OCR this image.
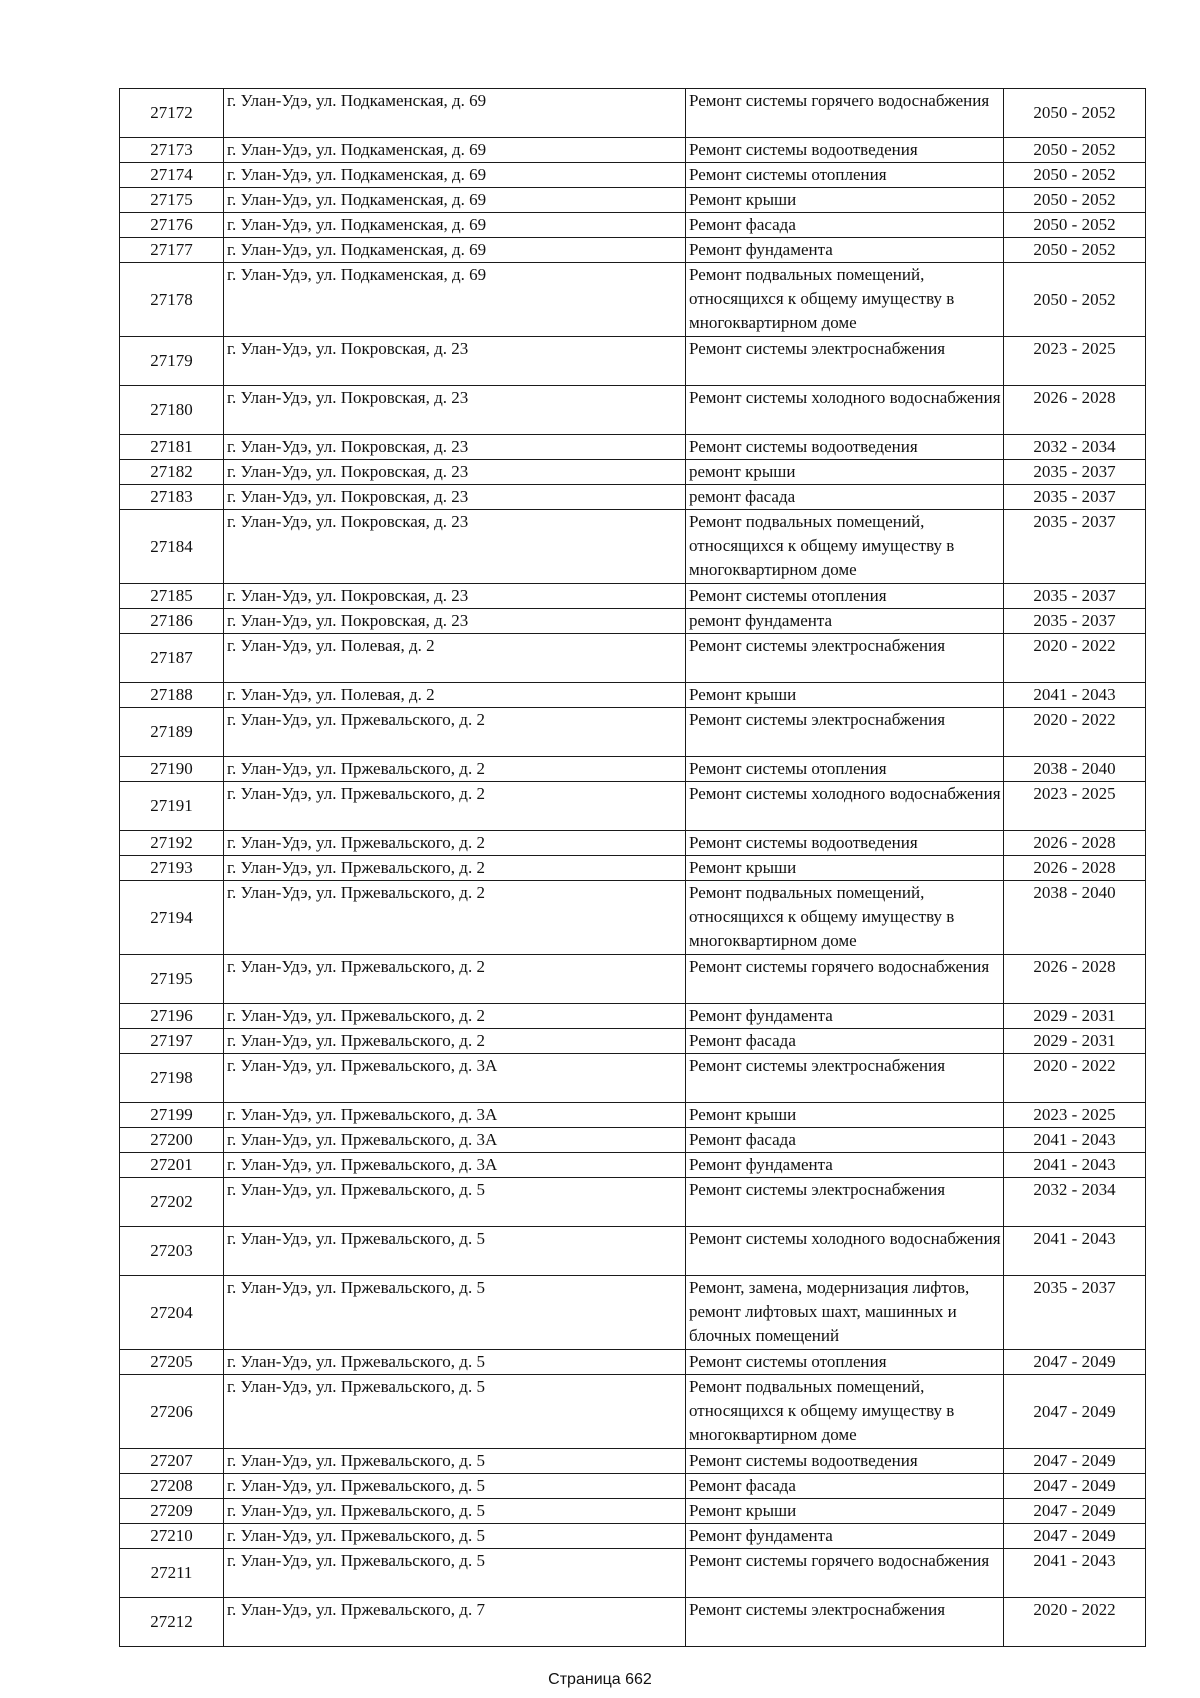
27172	г. Улан-Удэ, ул. Подкаменская, д. 69	Ремонт системы горячего водоснабжения	2050 - 2052
27173	г. Улан-Удэ, ул. Подкаменская, д. 69	Ремонт системы водоотведения	2050 - 2052
27174	г. Улан-Удэ, ул. Подкаменская, д. 69	Ремонт системы отопления	2050 - 2052
27175	г. Улан-Удэ, ул. Подкаменская, д. 69	Ремонт крыши	2050 - 2052
27176	г. Улан-Удэ, ул. Подкаменская, д. 69	Ремонт фасада	2050 - 2052
27177	г. Улан-Удэ, ул. Подкаменская, д. 69	Ремонт фундамента	2050 - 2052
27178	г. Улан-Удэ, ул. Подкаменская, д. 69	Ремонт подвальных помещений, относящихся к общему имуществу в многоквартирном доме	2050 - 2052
27179	г. Улан-Удэ, ул. Покровская, д. 23	Ремонт системы электроснабжения	2023 - 2025
27180	г. Улан-Удэ, ул. Покровская, д. 23	Ремонт системы холодного водоснабжения	2026 - 2028
27181	г. Улан-Удэ, ул. Покровская, д. 23	Ремонт системы водоотведения	2032 - 2034
27182	г. Улан-Удэ, ул. Покровская, д. 23	ремонт крыши	2035 - 2037
27183	г. Улан-Удэ, ул. Покровская, д. 23	ремонт фасада	2035 - 2037
27184	г. Улан-Удэ, ул. Покровская, д. 23	Ремонт подвальных помещений, относящихся к общему имуществу в многоквартирном доме	2035 - 2037
27185	г. Улан-Удэ, ул. Покровская, д. 23	Ремонт системы отопления	2035 - 2037
27186	г. Улан-Удэ, ул. Покровская, д. 23	ремонт фундамента	2035 - 2037
27187	г. Улан-Удэ, ул. Полевая, д. 2	Ремонт системы электроснабжения	2020 - 2022
27188	г. Улан-Удэ, ул. Полевая, д. 2	Ремонт крыши	2041 - 2043
27189	г. Улан-Удэ, ул. Пржевальского, д. 2	Ремонт системы электроснабжения	2020 - 2022
27190	г. Улан-Удэ, ул. Пржевальского, д. 2	Ремонт системы отопления	2038 - 2040
27191	г. Улан-Удэ, ул. Пржевальского, д. 2	Ремонт системы холодного водоснабжения	2023 - 2025
27192	г. Улан-Удэ, ул. Пржевальского, д. 2	Ремонт системы водоотведения	2026 - 2028
27193	г. Улан-Удэ, ул. Пржевальского, д. 2	Ремонт крыши	2026 - 2028
27194	г. Улан-Удэ, ул. Пржевальского, д. 2	Ремонт подвальных помещений, относящихся к общему имуществу в многоквартирном доме	2038 - 2040
27195	г. Улан-Удэ, ул. Пржевальского, д. 2	Ремонт системы горячего водоснабжения	2026 - 2028
27196	г. Улан-Удэ, ул. Пржевальского, д. 2	Ремонт фундамента	2029 - 2031
27197	г. Улан-Удэ, ул. Пржевальского, д. 2	Ремонт фасада	2029 - 2031
27198	г. Улан-Удэ, ул. Пржевальского, д. 3А	Ремонт системы электроснабжения	2020 - 2022
27199	г. Улан-Удэ, ул. Пржевальского, д. 3А	Ремонт крыши	2023 - 2025
27200	г. Улан-Удэ, ул. Пржевальского, д. 3А	Ремонт фасада	2041 - 2043
27201	г. Улан-Удэ, ул. Пржевальского, д. 3А	Ремонт фундамента	2041 - 2043
27202	г. Улан-Удэ, ул. Пржевальского, д. 5	Ремонт системы электроснабжения	2032 - 2034
27203	г. Улан-Удэ, ул. Пржевальского, д. 5	Ремонт системы холодного водоснабжения	2041 - 2043
27204	г. Улан-Удэ, ул. Пржевальского, д. 5	Ремонт, замена, модернизация лифтов, ремонт лифтовых шахт, машинных и блочных помещений	2035 - 2037
27205	г. Улан-Удэ, ул. Пржевальского, д. 5	Ремонт системы отопления	2047 - 2049
27206	г. Улан-Удэ, ул. Пржевальского, д. 5	Ремонт подвальных помещений, относящихся к общему имуществу в многоквартирном доме	2047 - 2049
27207	г. Улан-Удэ, ул. Пржевальского, д. 5	Ремонт системы водоотведения	2047 - 2049
27208	г. Улан-Удэ, ул. Пржевальского, д. 5	Ремонт фасада	2047 - 2049
27209	г. Улан-Удэ, ул. Пржевальского, д. 5	Ремонт крыши	2047 - 2049
27210	г. Улан-Удэ, ул. Пржевальского, д. 5	Ремонт фундамента	2047 - 2049
27211	г. Улан-Удэ, ул. Пржевальского, д. 5	Ремонт системы горячего водоснабжения	2041 - 2043
27212	г. Улан-Удэ, ул. Пржевальского, д. 7	Ремонт системы электроснабжения	2020 - 2022
Страница 662
